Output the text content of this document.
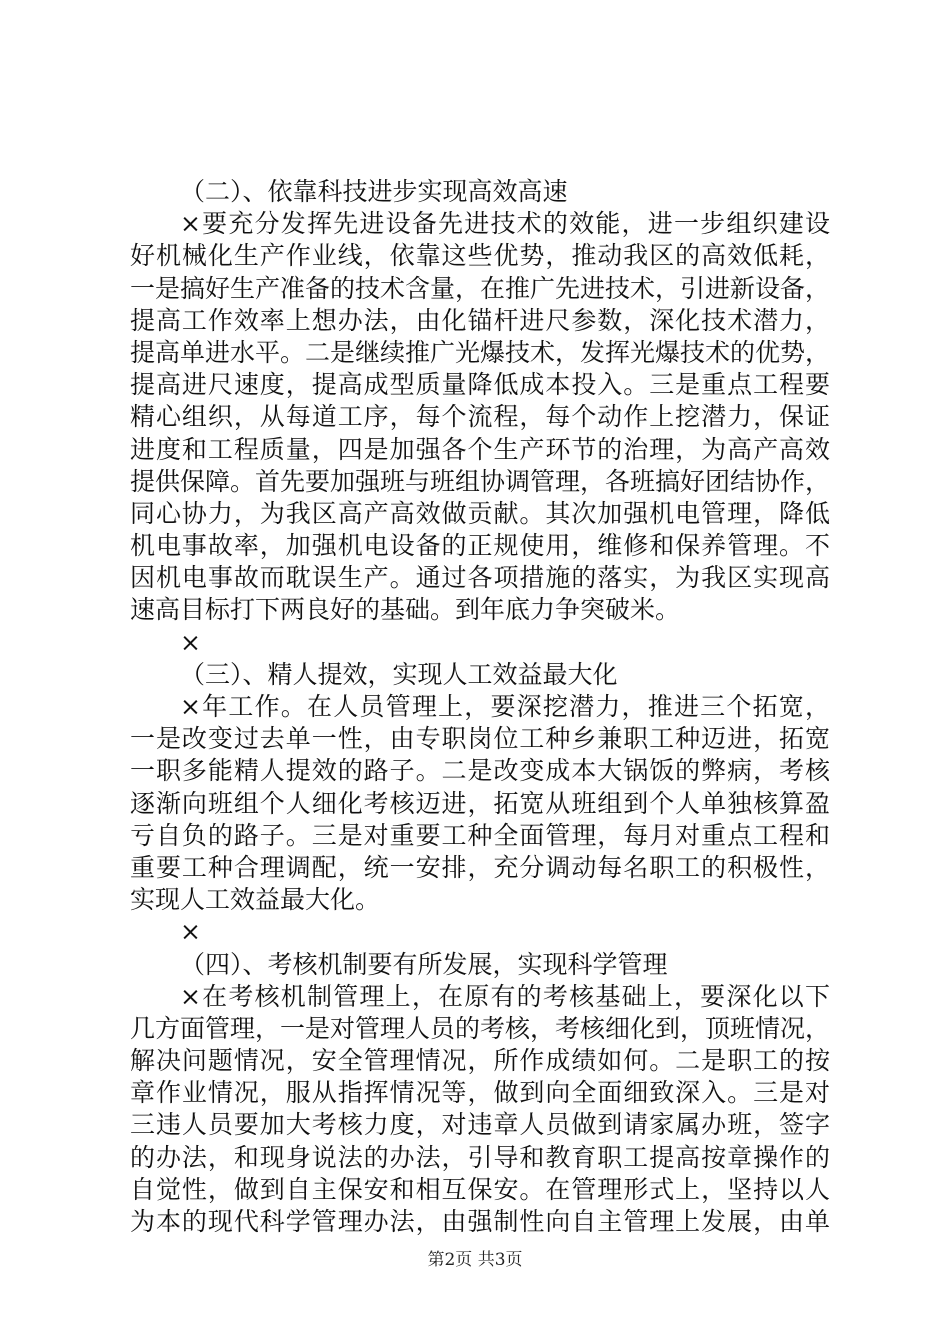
（二）、依靠科技进步实现高效高速
×要充分发挥先进设备先进技术的效能，进一步组织建设
好机械化生产作业线，依靠这些优势，推动我区的高效低耗，
一是搞好生产准备的技术含量，在推广先进技术，引进新设备，
提高工作效率上想办法，由化锚杆进尺参数，深化技术潜力，
提高单进水平。二是继续推广光爆技术，发挥光爆技术的优势，
提高进尺速度，提高成型质量降低成本投入。三是重点工程要
精心组织，从每道工序，每个流程，每个动作上挖潜力，保证
进度和工程质量，四是加强各个生产环节的治理，为高产高效
提供保障。首先要加强班与班组协调管理，各班搞好团结协作，
同心协力，为我区高产高效做贡献。其次加强机电管理，降低
机电事故率，加强机电设备的正规使用，维修和保养管理。不
因机电事故而耽误生产。通过各项措施的落实，为我区实现高
速高目标打下两良好的基础。到年底力争突破米。
×
（三）、精人提效，实现人工效益最大化
×年工作。在人员管理上，要深挖潜力，推进三个拓宽，
一是改变过去单一性，由专职岗位工种乡兼职工种迈进，拓宽
一职多能精人提效的路子。二是改变成本大锅饭的弊病，考核
逐渐向班组个人细化考核迈进，拓宽从班组到个人单独核算盈
亏自负的路子。三是对重要工种全面管理，每月对重点工程和
重要工种合理调配，统一安排，充分调动每名职工的积极性，
实现人工效益最大化。
×
（四）、考核机制要有所发展，实现科学管理
×在考核机制管理上，在原有的考核基础上，要深化以下
几方面管理，一是对管理人员的考核，考核细化到，顶班情况，
解决问题情况，安全管理情况，所作成绩如何。二是职工的按
章作业情况，服从指挥情况等，做到向全面细致深入。三是对
三违人员要加大考核力度，对违章人员做到请家属办班，签字
的办法，和现身说法的办法，引导和教育职工提高按章操作的
自觉性，做到自主保安和相互保安。在管理形式上，坚持以人
为本的现代科学管理办法，由强制性向自主管理上发展，由单
第2页 共3页
